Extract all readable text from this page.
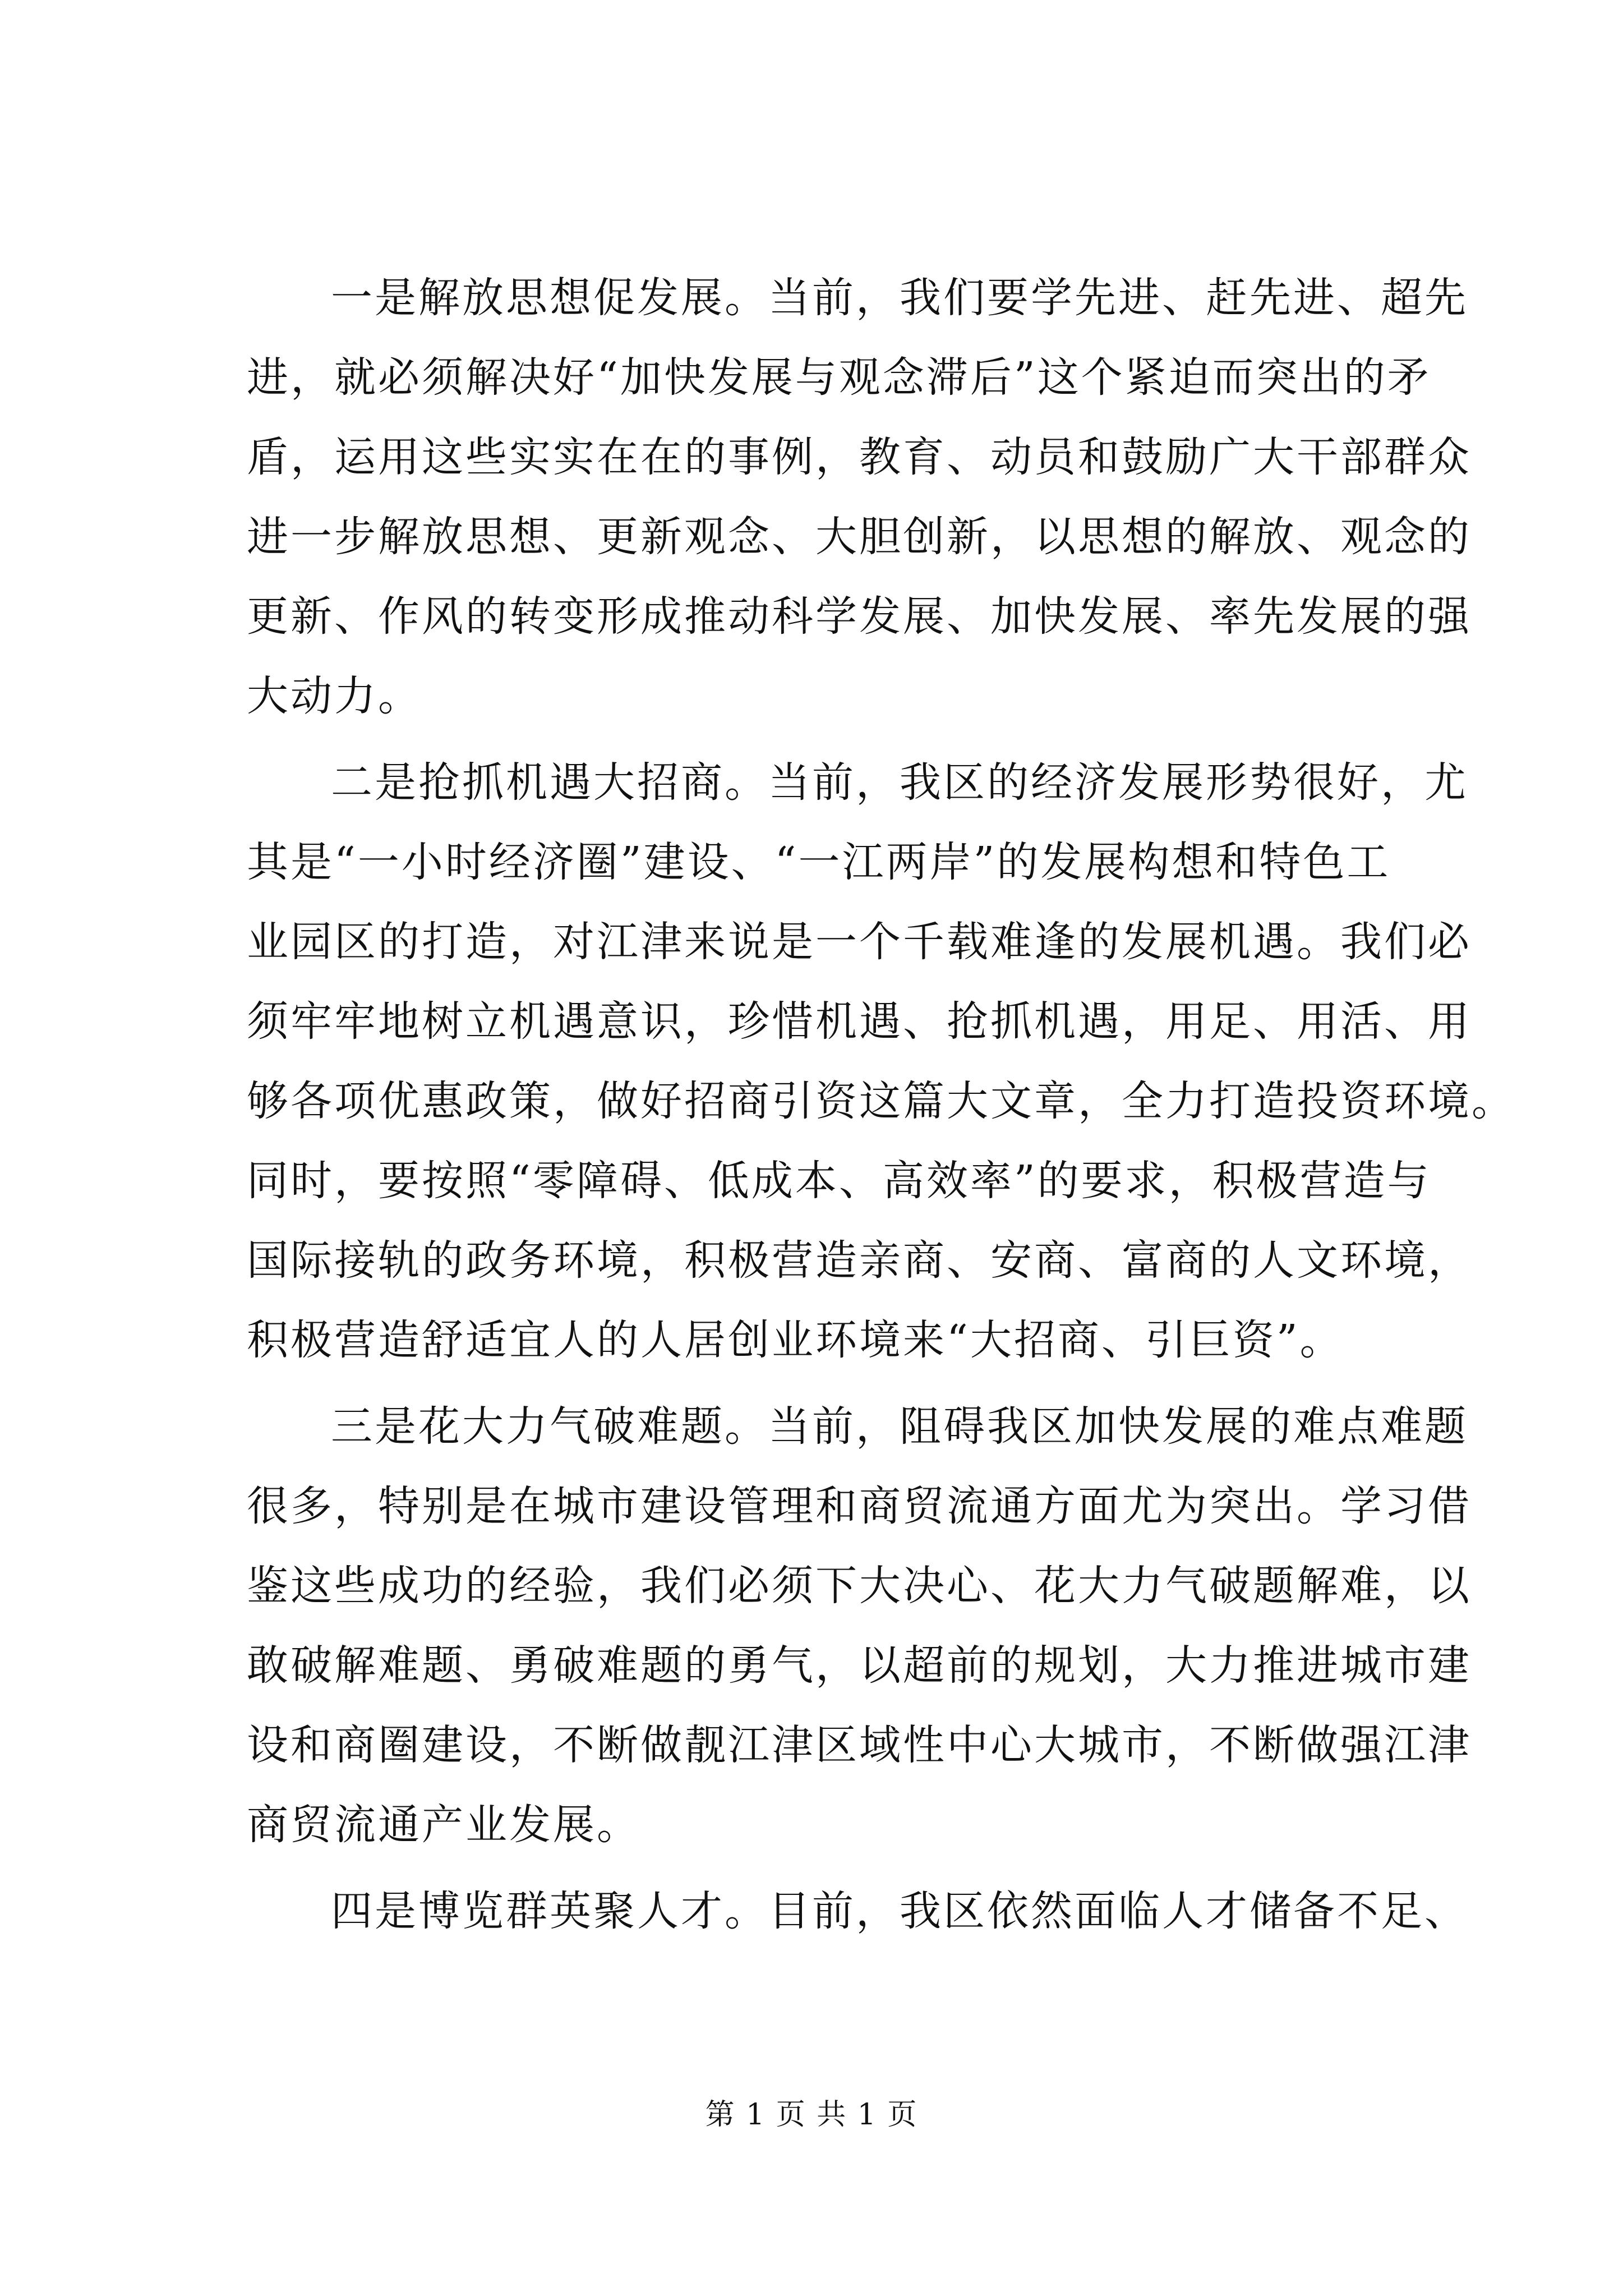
一是解放思想促发展。当前，我们要学先进、赶先进、超先
进，就必须解决好“加快发展与观念滞后”这个紧迫而突出的矛
盾，运用这些实实在在的事例，教育、动员和鼓励广大干部群众
进一步解放思想、更新观念、大胆创新，以思想的解放、观念的
更新、作风的转变形成推动科学发展、加快发展、率先发展的强
大动力。
二是抢抓机遇大招商。当前，我区的经济发展形势很好，尤
其是“一小时经济圈”建设、“一江两岸”的发展构想和特色工
业园区的打造，对江津来说是一个千载难逢的发展机遇。我们必
须牢牢地树立机遇意识，珍惜机遇、抢抓机遇，用足、用活、用
够各项优惠政策，做好招商引资这篇大文章，全力打造投资环境。
同时，要按照“零障碍、低成本、高效率”的要求，积极营造与
国际接轨的政务环境，积极营造亲商、安商、富商的人文环境，
积极营造舒适宜人的人居创业环境来“大招商、引巨资”。
三是花大力气破难题。当前，阻碍我区加快发展的难点难题
很多，特别是在城市建设管理和商贸流通方面尤为突出。学习借
鉴这些成功的经验，我们必须下大决心、花大力气破题解难，以
敢破解难题、勇破难题的勇气，以超前的规划，大力推进城市建
设和商圈建设，不断做靓江津区域性中心大城市，不断做强江津
商贸流通产业发展。
四是博览群英聚人才。目前，我区依然面临人才储备不足、
第 1 页 共 1 页
